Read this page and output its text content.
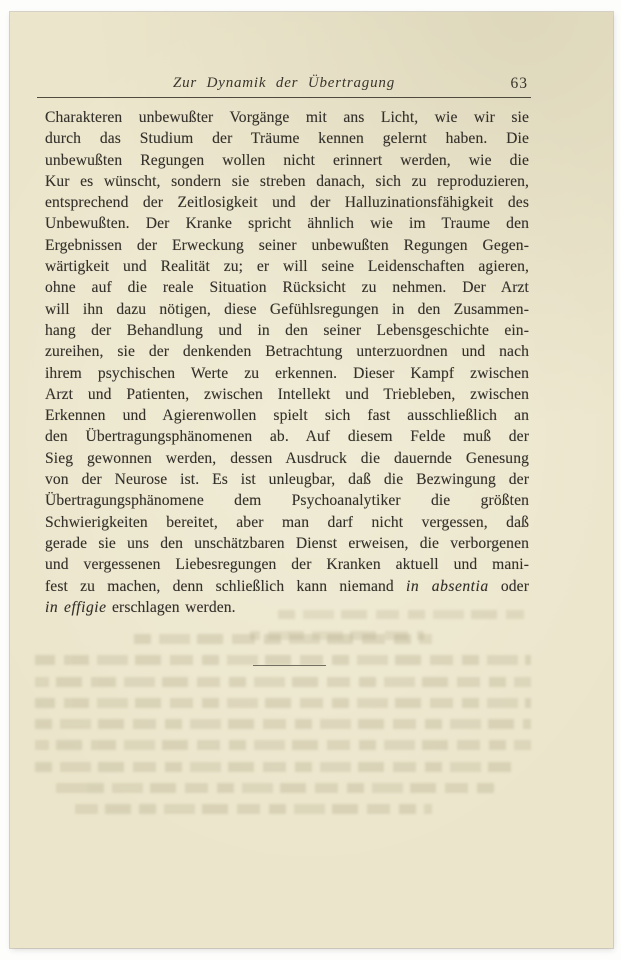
Zur Dynamik der Übertragung	63
Charakteren unbewußter Vorgänge mit ans Licht, wie wir sie
durch das Studium der Träume kennen gelernt haben. Die
unbewußten Regungen wollen nicht erinnert werden, wie die
Kur es wünscht, sondern sie streben danach, sich zu reproduzieren,
entsprechend der Zeitlosigkeit und der Halluzinationsfähigkeit des
Unbewußten. Der Kranke spricht ähnlich wie im Traume den
Ergebnissen der Erweckung seiner unbewußten Regungen Gegen-
wärtigkeit und Realität zu; er will seine Leidenschaften agieren,
ohne auf die reale Situation Rücksicht zu nehmen. Der Arzt
will ihn dazu nötigen, diese Gefühlsregungen in den Zusammen-
hang der Behandlung und in den seiner Lebensgeschichte ein-
zureihen, sie der denkenden Betrachtung unterzuordnen und nach
ihrem psychischen Werte zu erkennen. Dieser Kampf zwischen
Arzt und Patienten, zwischen Intellekt und Triebleben, zwischen
Erkennen und Agierenwollen spielt sich fast ausschließlich an
den Übertragungsphänomenen ab. Auf diesem Felde muß der
Sieg gewonnen werden, dessen Ausdruck die dauernde Genesung
von der Neurose ist. Es ist unleugbar, daß die Bezwingung der
Übertragungsphänomene dem Psychoanalytiker die größten
Schwierigkeiten bereitet, aber man darf nicht vergessen, daß
gerade sie uns den unschätzbaren Dienst erweisen, die verborgenen
und vergessenen Liebesregungen der Kranken aktuell und mani-
fest zu machen, denn schließlich kann niemand in absentia oder
in effigie erschlagen werden.
